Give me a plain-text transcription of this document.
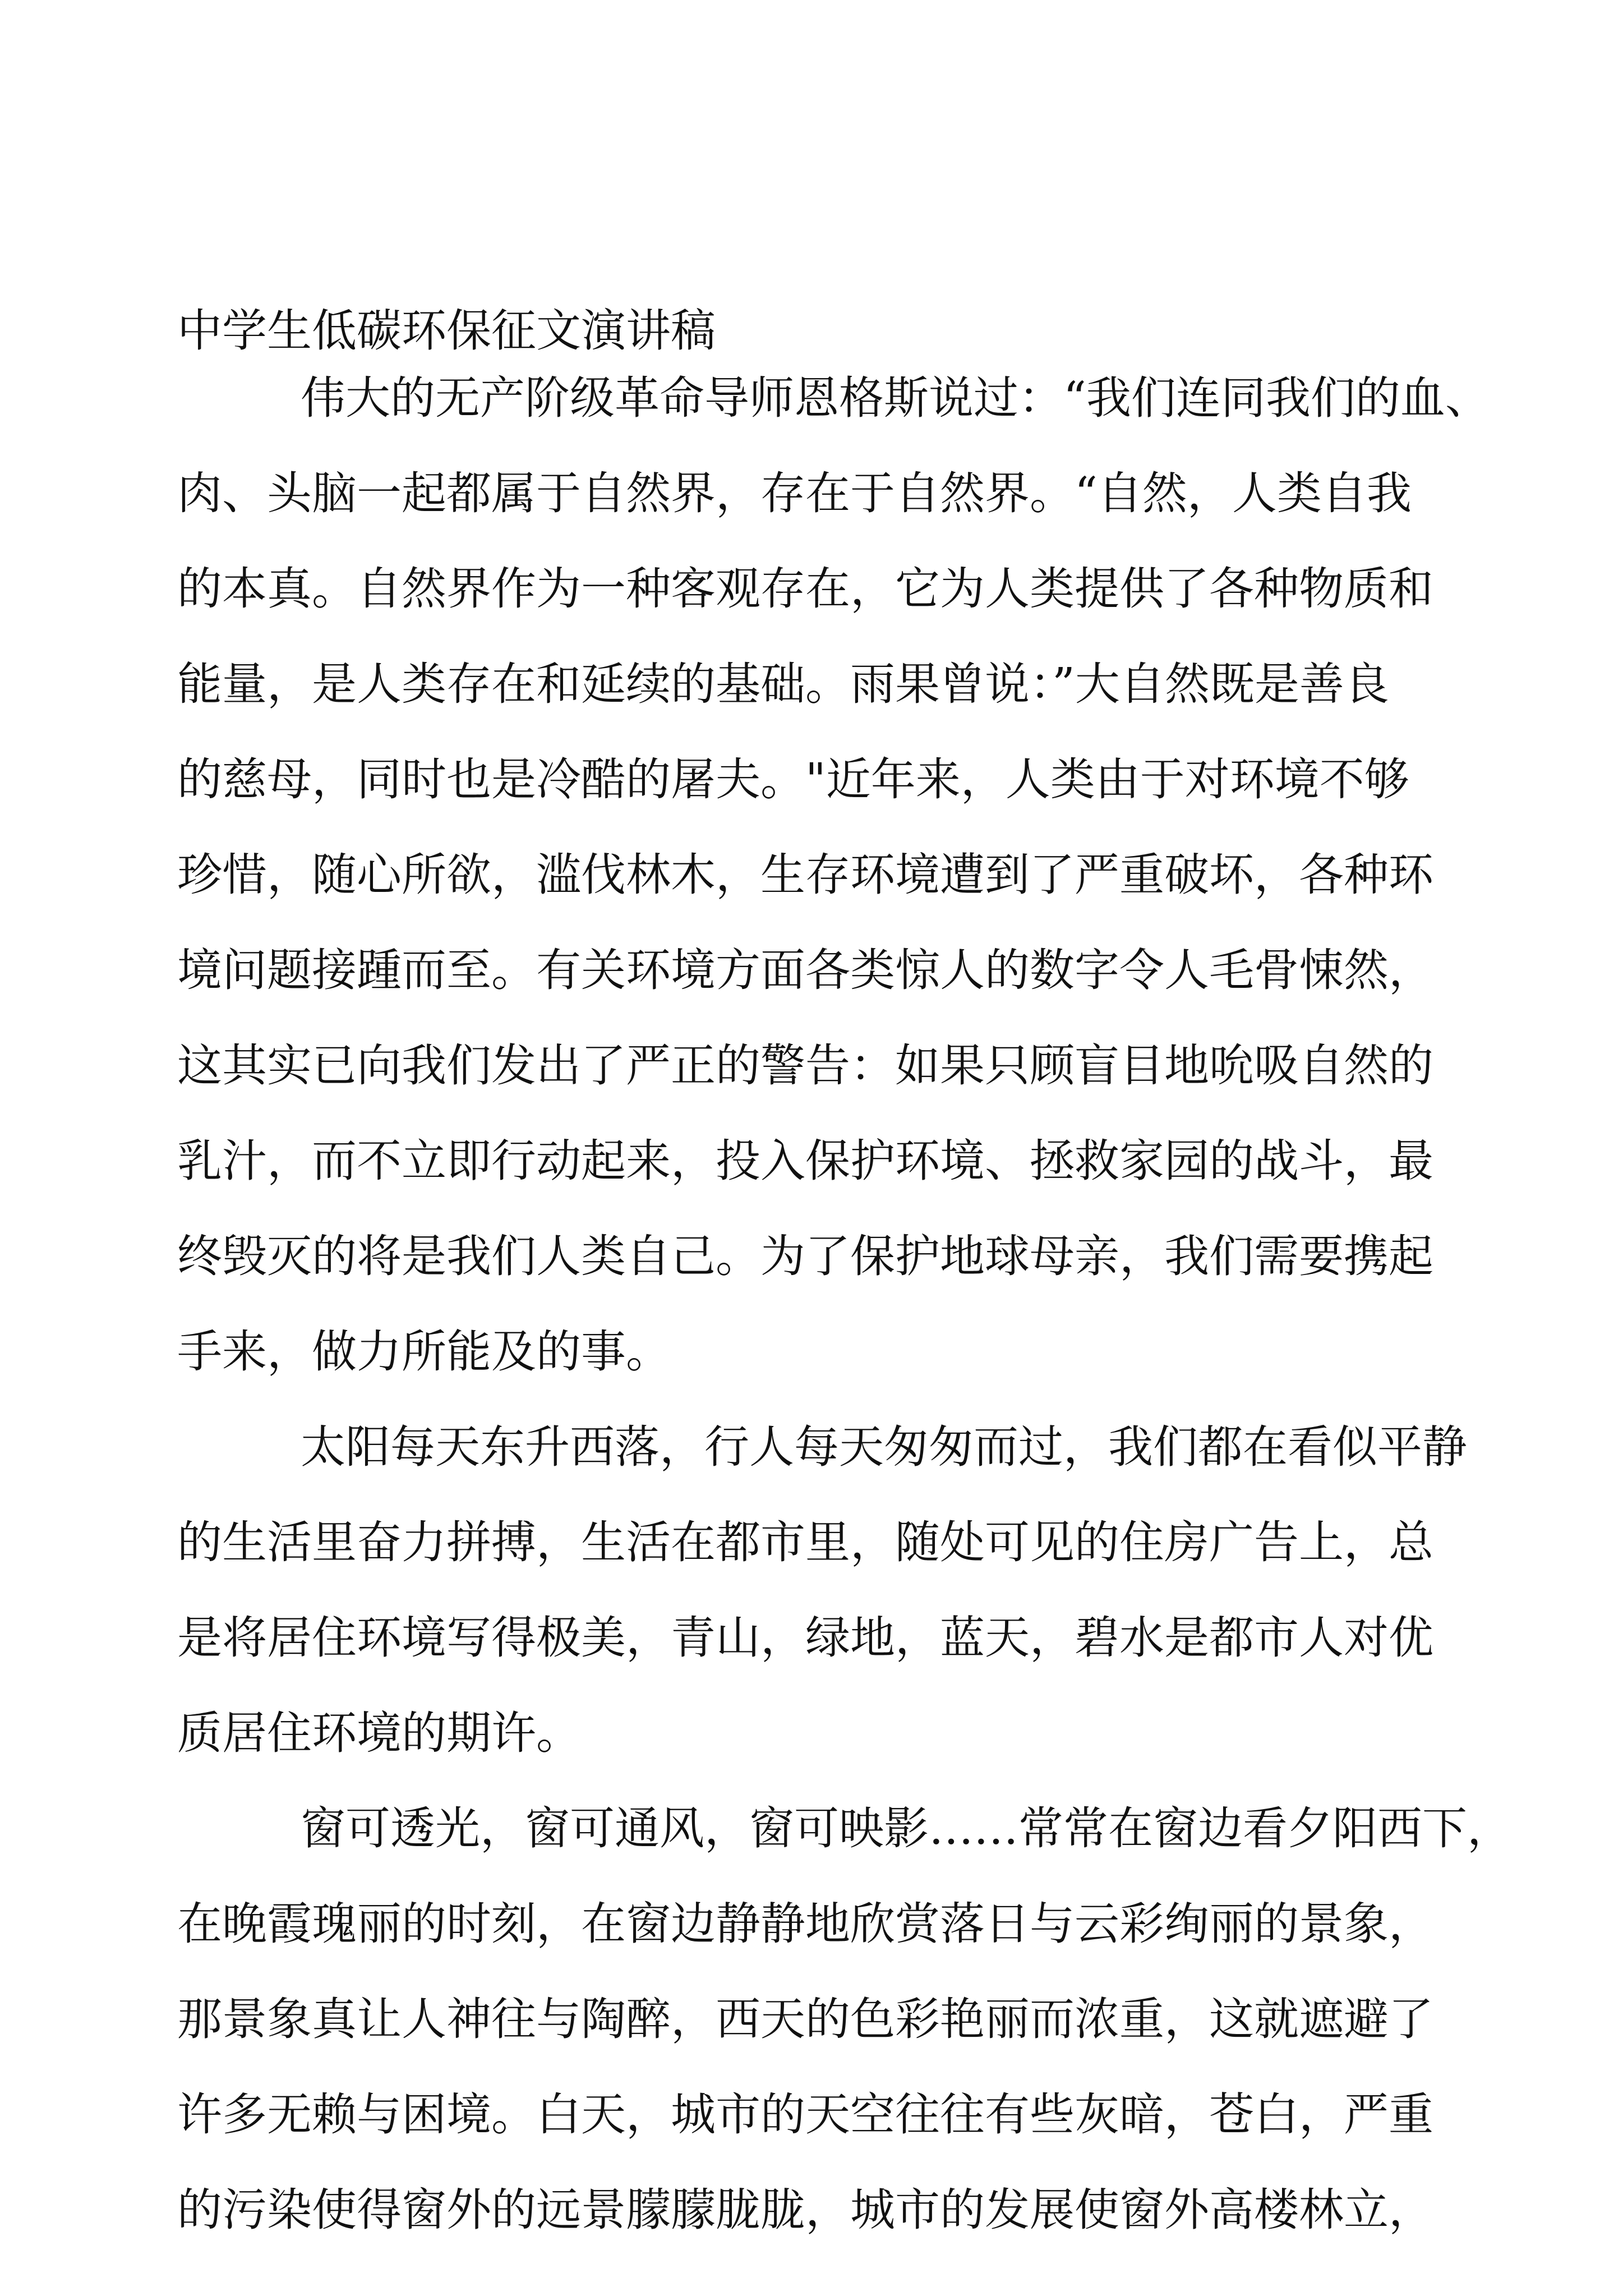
中学生低碳环保征文演讲稿

伟大的无产阶级革命导师恩格斯说过：“我们连同我们的血、

肉、头脑一起都属于自然界，存在于自然界。“自然，人类自我

的本真。自然界作为一种客观存在，它为人类提供了各种物质和

能量，是人类存在和延续的基础。雨果曾说：”大自然既是善良

的慈母，同时也是冷酷的屠夫。"近年来，人类由于对环境不够

珍惜，随心所欲，滥伐林木，生存环境遭到了严重破坏，各种环

境问题接踵而至。有关环境方面各类惊人的数字令人毛骨悚然，

这其实已向我们发出了严正的警告：如果只顾盲目地吮吸自然的

乳汁，而不立即行动起来，投入保护环境、拯救家园的战斗，最

终毁灭的将是我们人类自己。为了保护地球母亲，我们需要携起

手来，做力所能及的事。

太阳每天东升西落，行人每天匆匆而过，我们都在看似平静

的生活里奋力拼搏，生活在都市里，随处可见的住房广告上，总

是将居住环境写得极美，青山，绿地，蓝天，碧水是都市人对优

质居住环境的期许。

窗可透光，窗可通风，窗可映影……常常在窗边看夕阳西下，

在晚霞瑰丽的时刻，在窗边静静地欣赏落日与云彩绚丽的景象，

那景象真让人神往与陶醉，西天的色彩艳丽而浓重，这就遮避了

许多无赖与困境。白天，城市的天空往往有些灰暗，苍白，严重

的污染使得窗外的远景朦朦胧胧，城市的发展使窗外高楼林立，
